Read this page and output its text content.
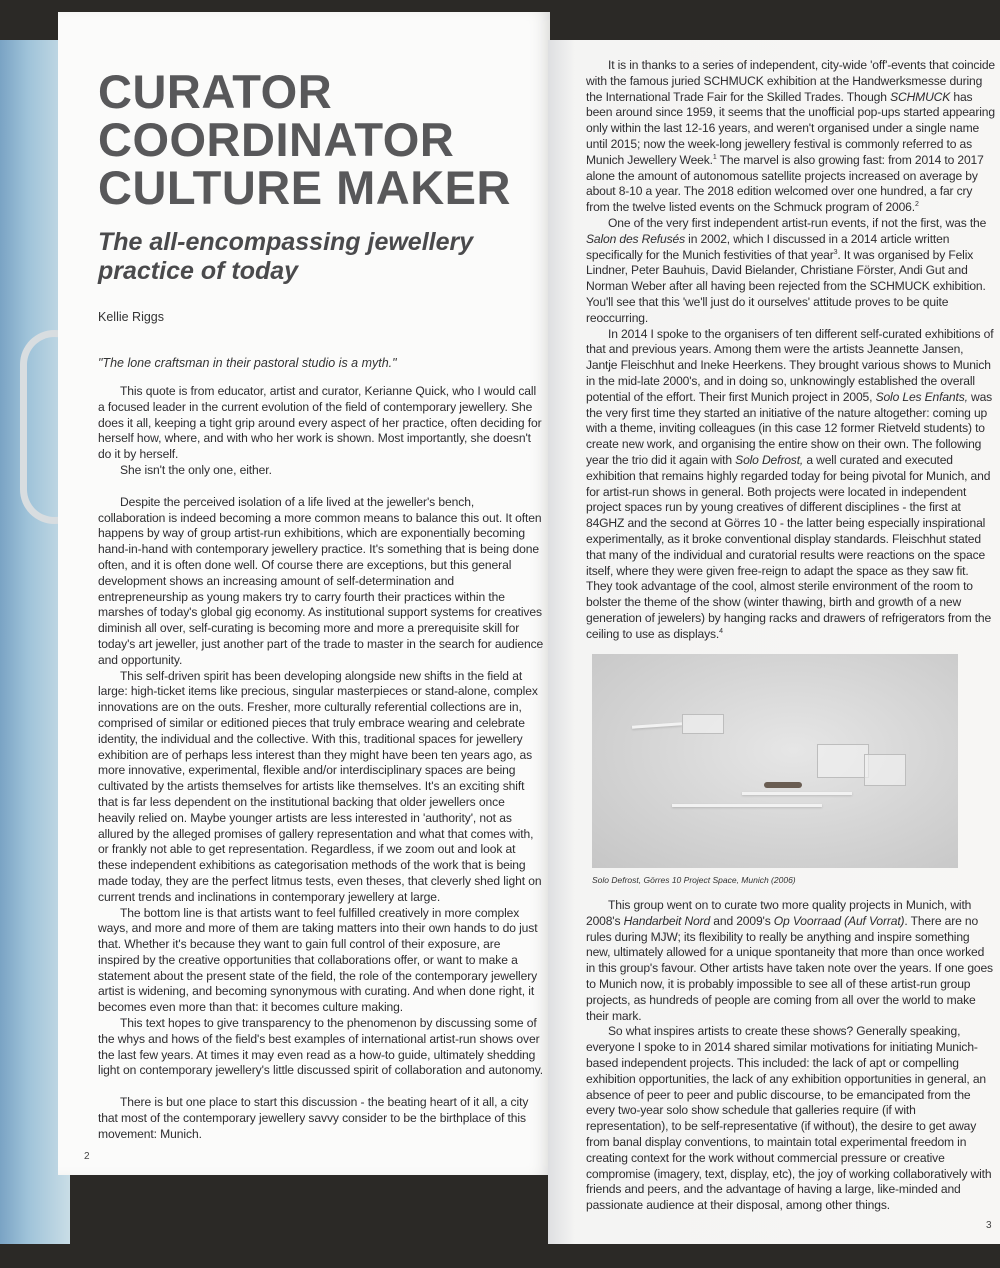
CURATOR
COORDINATOR
CULTURE MAKER
The all-encompassing jewellery
practice of today
Kellie Riggs
"The lone craftsman in their pastoral studio is a myth."

This quote is from educator, artist and curator, Kerianne Quick, who I would call a focused leader in the current evolution of the field of contemporary jewellery. She does it all, keeping a tight grip around every aspect of her practice, often deciding for herself how, where, and with who her work is shown. Most importantly, she doesn't do it by herself.

She isn't the only one, either.

Despite the perceived isolation of a life lived at the jeweller's bench, collaboration is indeed becoming a more common means to balance this out. It often happens by way of group artist-run exhibitions, which are exponentially becoming hand-in-hand with contemporary jewellery practice. It's something that is being done often, and it is often done well. Of course there are exceptions, but this general development shows an increasing amount of self-determination and entrepreneurship as young makers try to carry fourth their practices within the marshes of today's global gig economy. As institutional support systems for creatives diminish all over, self-curating is becoming more and more a prerequisite skill for today's art jeweller, just another part of the trade to master in the search for audience and opportunity.

This self-driven spirit has been developing alongside new shifts in the field at large: high-ticket items like precious, singular masterpieces or stand-alone, complex innovations are on the outs. Fresher, more culturally referential collections are in, comprised of similar or editioned pieces that truly embrace wearing and celebrate identity, the individual and the collective. With this, traditional spaces for jewellery exhibition are of perhaps less interest than they might have been ten years ago, as more innovative, experimental, flexible and/or interdisciplinary spaces are being cultivated by the artists themselves for artists like themselves. It's an exciting shift that is far less dependent on the institutional backing that older jewellers once heavily relied on. Maybe younger artists are less interested in 'authority', not as allured by the alleged promises of gallery representation and what that comes with, or frankly not able to get representation. Regardless, if we zoom out and look at these independent exhibitions as categorisation methods of the work that is being made today, they are the perfect litmus tests, even theses, that cleverly shed light on current trends and inclinations in contemporary jewellery at large.

The bottom line is that artists want to feel fulfilled creatively in more complex ways, and more and more of them are taking matters into their own hands to do just that. Whether it's because they want to gain full control of their exposure, are inspired by the creative opportunities that collaborations offer, or want to make a statement about the present state of the field, the role of the contemporary jewellery artist is widening, and becoming synonymous with curating. And when done right, it becomes even more than that: it becomes culture making.

This text hopes to give transparency to the phenomenon by discussing some of the whys and hows of the field's best examples of international artist-run shows over the last few years. At times it may even read as a how-to guide, ultimately shedding light on contemporary jewellery's little discussed spirit of collaboration and autonomy.

There is but one place to start this discussion - the beating heart of it all, a city that most of the contemporary jewellery savvy consider to be the birthplace of this movement: Munich.

2

It is in thanks to a series of independent, city-wide 'off'-events that coincide with the famous juried SCHMUCK exhibition at the Handwerksmesse during the International Trade Fair for the Skilled Trades. Though SCHMUCK has been around since 1959, it seems that the unofficial pop-ups started appearing only within the last 12-16 years, and weren't organised under a single name until 2015; now the week-long jewellery festival is commonly referred to as Munich Jewellery Week.$^1$ The marvel is also growing fast: from 2014 to 2017 alone the amount of autonomous satellite projects increased on average by about 8-10 a year. The 2018 edition welcomed over one hundred, a far cry from the twelve listed events on the Schmuck program of 2006.$^2$

One of the very first independent artist-run events, if not the first, was the Salon des Refusés in 2002, which I discussed in a 2014 article written specifically for the Munich festivities of that year$^3$. It was organised by Felix Lindner, Peter Bauhuis, David Bielander, Christiane Förster, Andi Gut and Norman Weber after all having been rejected from the SCHMUCK exhibition. You'll see that this 'we'll just do it ourselves' attitude proves to be quite reoccurring.

In 2014 I spoke to the organisers of ten different self-curated exhibitions of that and previous years. Among them were the artists Jeannette Jansen, Jantje Fleischhut and Ineke Heerkens. They brought various shows to Munich in the mid-late 2000's, and in doing so, unknowingly established the overall potential of the effort. Their first Munich project in 2005, Solo Les Enfants, was the very first time they started an initiative of the nature altogether: coming up with a theme, inviting colleagues (in this case 12 former Rietveld students) to create new work, and organising the entire show on their own. The following year the trio did it again with Solo Defrost, a well curated and executed exhibition that remains highly regarded today for being pivotal for Munich, and for artist-run shows in general. Both projects were located in independent project spaces run by young creatives of different disciplines - the first at 84GHZ and the second at Görres 10 - the latter being especially inspirational experimentally, as it broke conventional display standards. Fleischhut stated that many of the individual and curatorial results were reactions on the space itself, where they were given free-reign to adapt the space as they saw fit. They took advantage of the cool, almost sterile environment of the room to bolster the theme of the show (winter thawing, birth and growth of a new generation of jewelers) by hanging racks and drawers of refrigerators from the ceiling to use as displays.$^4$

Solo Defrost, Görres 10 Project Space, Munich (2006)

This group went on to curate two more quality projects in Munich, with 2008's Handarbeit Nord and 2009's Op Voorraad (Auf Vorrat). There are no rules during MJW; its flexibility to really be anything and inspire something new, ultimately allowed for a unique spontaneity that more than once worked in this group's favour. Other artists have taken note over the years. If one goes to Munich now, it is probably impossible to see all of these artist-run group projects, as hundreds of people are coming from all over the world to make their mark.

So what inspires artists to create these shows? Generally speaking, everyone I spoke to in 2014 shared similar motivations for initiating Munich-based independent projects. This included: the lack of apt or compelling exhibition opportunities, the lack of any exhibition opportunities in general, an absence of peer to peer and public discourse, to be emancipated from the every two-year solo show schedule that galleries require (if with representation), to be self-representative (if without), the desire to get away from banal display conventions, to maintain total experimental freedom in creating context for the work without commercial pressure or creative compromise (imagery, text, display, etc), the joy of working collaboratively with friends and peers, and the advantage of having a large, like-minded and passionate audience at their disposal, among other things.

3
